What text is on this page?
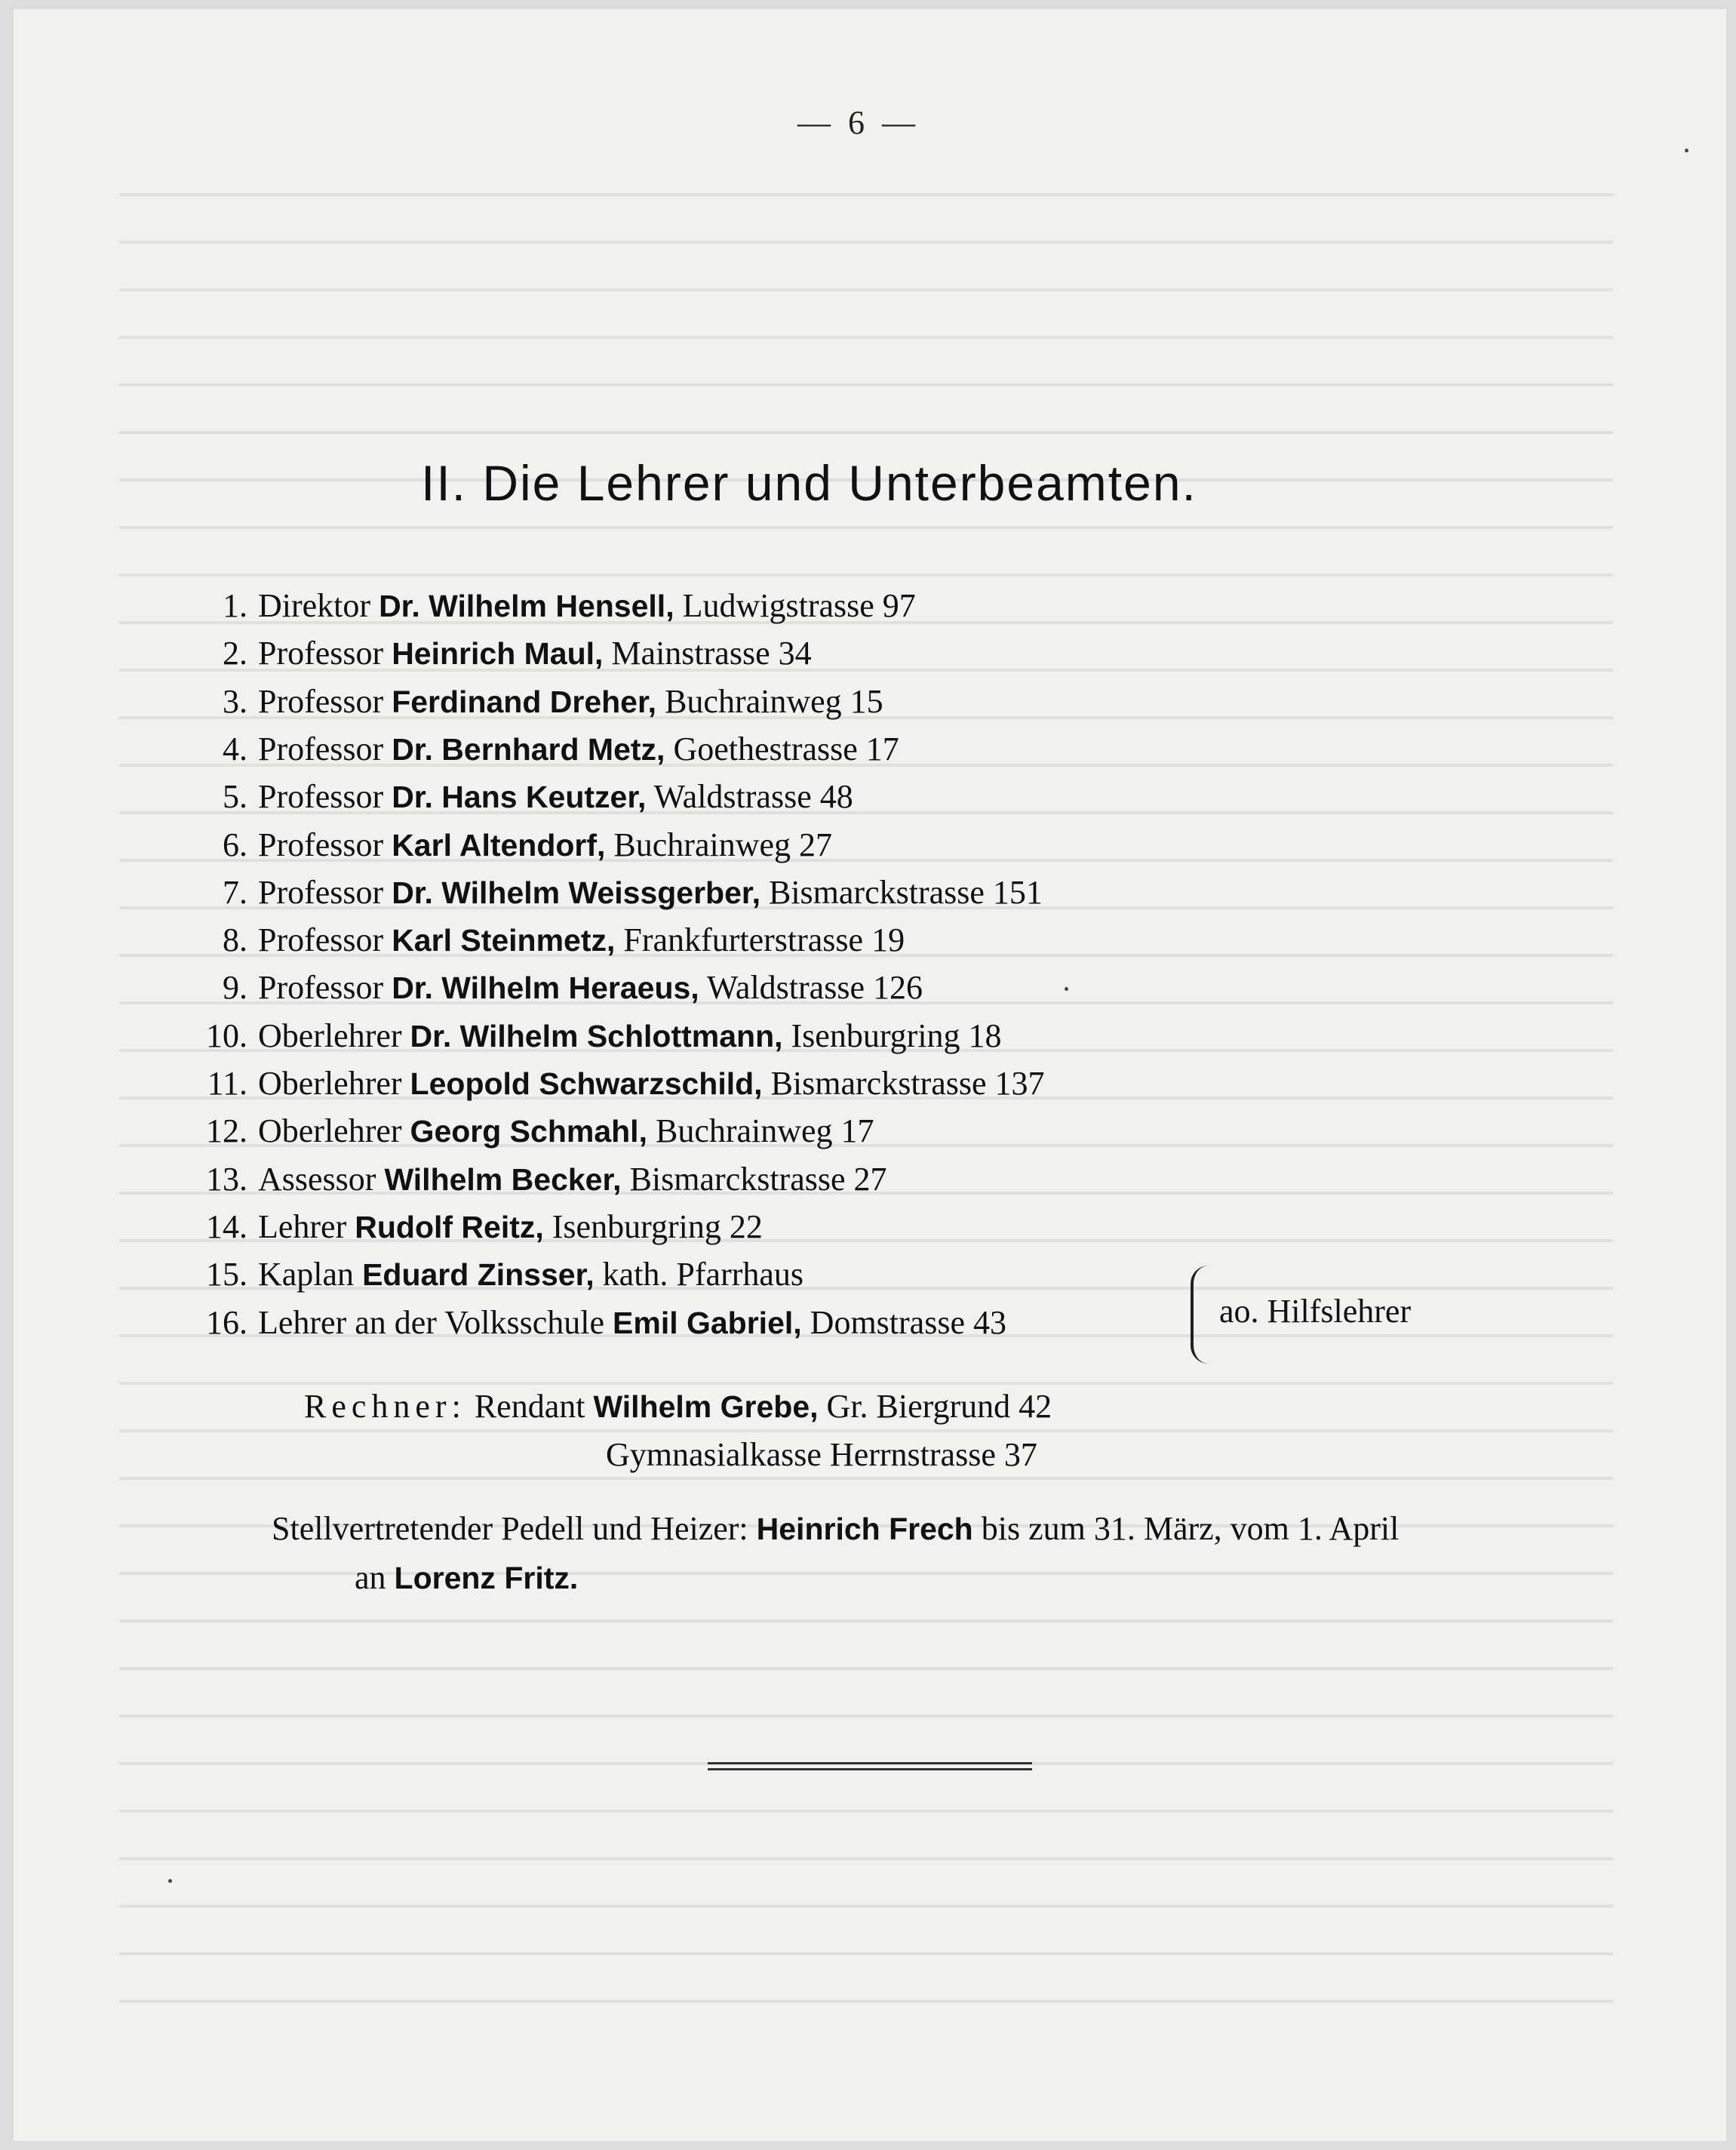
— 6 —
II. Die Lehrer und Unterbeamten.
1. Direktor Dr. Wilhelm Hensell, Ludwigstrasse 97
2. Professor Heinrich Maul, Mainstrasse 34
3. Professor Ferdinand Dreher, Buchrainweg 15
4. Professor Dr. Bernhard Metz, Goethestrasse 17
5. Professor Dr. Hans Keutzer, Waldstrasse 48
6. Professor Karl Altendorf, Buchrainweg 27
7. Professor Dr. Wilhelm Weissgerber, Bismarckstrasse 151
8. Professor Karl Steinmetz, Frankfurterstrasse 19
9. Professor Dr. Wilhelm Heraeus, Waldstrasse 126
10. Oberlehrer Dr. Wilhelm Schlottmann, Isenburgring 18
11. Oberlehrer Leopold Schwarzschild, Bismarckstrasse 137
12. Oberlehrer Georg Schmahl, Buchrainweg 17
13. Assessor Wilhelm Becker, Bismarckstrasse 27
14. Lehrer Rudolf Reitz, Isenburgring 22
15. Kaplan Eduard Zinsser, kath. Pfarrhaus
16. Lehrer an der Volksschule Emil Gabriel, Domstrasse 43	ao. Hilfslehrer
Rechner: Rendant Wilhelm Grebe, Gr. Biergrund 42
Gymnasialkasse Herrnstrasse 37
Stellvertretender Pedell und Heizer: Heinrich Frech bis zum 31. März, vom 1. April
an Lorenz Fritz.
